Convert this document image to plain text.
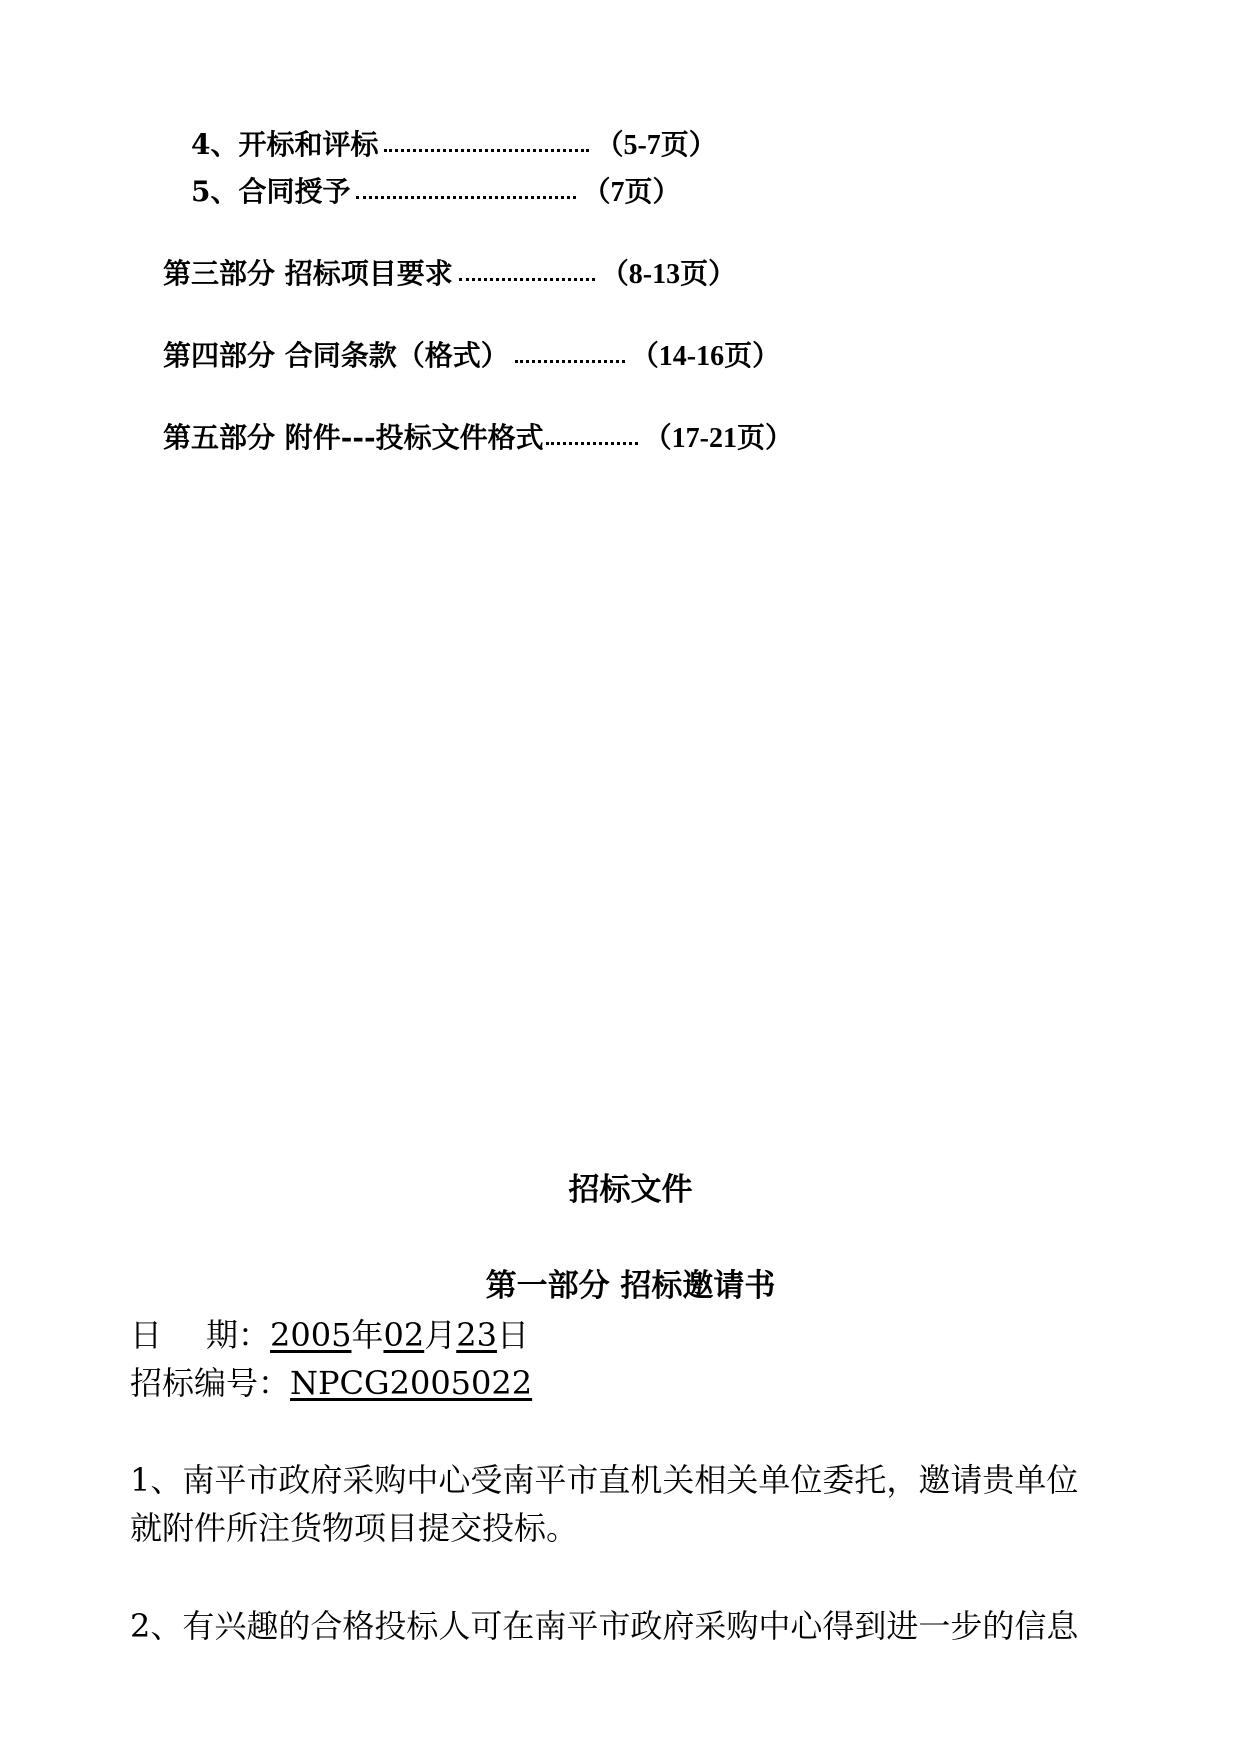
4、开标和评标	（5-7页）
5、合同授予	（7页）
第三部分 招标项目要求	（8-13页）
第四部分 合同条款（格式）	（14-16页）
第五部分 附件---投标文件格式	（17-21页）
招标文件
第一部分 招标邀请书
日 期：2005年02月23日
招标编号：NPCG2005022
1、南平市政府采购中心受南平市直机关相关单位委托，邀请贵单位
就附件所注货物项目提交投标。
2、有兴趣的合格投标人可在南平市政府采购中心得到进一步的信息
